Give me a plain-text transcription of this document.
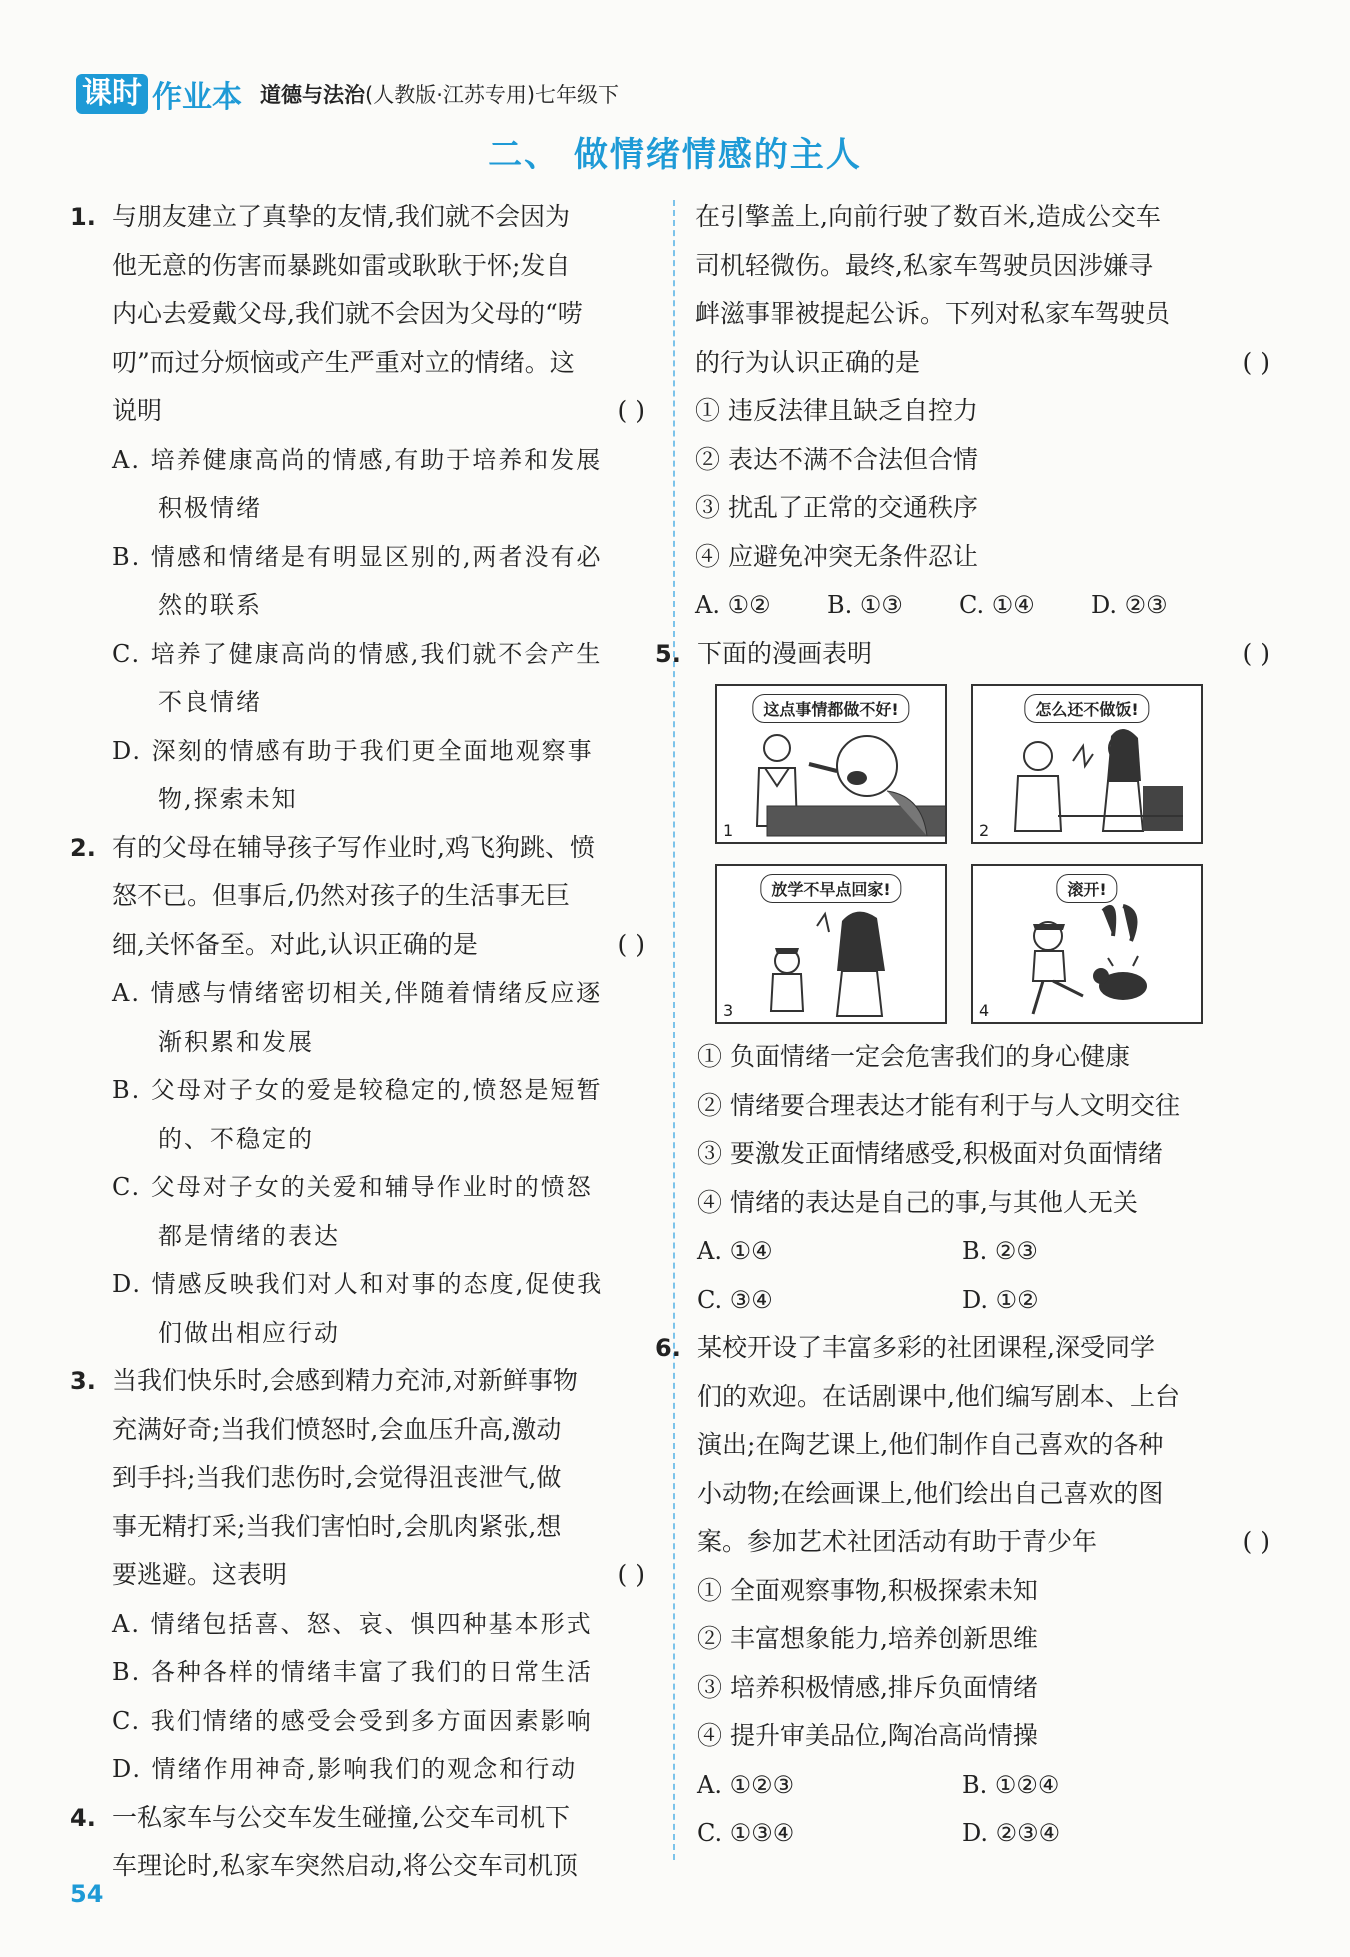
课时 作业本 道德与法治 (人教版·江苏专用)七年级下
二、 做情绪情感的主人
1. 与朋友建立了真挚的友情,我们就不会因为
他无意的伤害而暴跳如雷或耿耿于怀;发自
内心去爱戴父母,我们就不会因为父母的“唠
叨”而过分烦恼或产生严重对立的情绪。这
说明	( )
A. 培养健康高尚的情感,有助于培养和发展
积极情绪
B. 情感和情绪是有明显区别的,两者没有必
然的联系
C. 培养了健康高尚的情感,我们就不会产生
不良情绪
D. 深刻的情感有助于我们更全面地观察事
物,探索未知
2. 有的父母在辅导孩子写作业时,鸡飞狗跳、愤
怒不已。但事后,仍然对孩子的生活事无巨
细,关怀备至。对此,认识正确的是	( )
A. 情感与情绪密切相关,伴随着情绪反应逐
渐积累和发展
B. 父母对子女的爱是较稳定的,愤怒是短暂
的、不稳定的
C. 父母对子女的关爱和辅导作业时的愤怒
都是情绪的表达
D. 情感反映我们对人和对事的态度,促使我
们做出相应行动
3. 当我们快乐时,会感到精力充沛,对新鲜事物
充满好奇;当我们愤怒时,会血压升高,激动
到手抖;当我们悲伤时,会觉得沮丧泄气,做
事无精打采;当我们害怕时,会肌肉紧张,想
要逃避。这表明	( )
A. 情绪包括喜、怒、哀、惧四种基本形式
B. 各种各样的情绪丰富了我们的日常生活
C. 我们情绪的感受会受到多方面因素影响
D. 情绪作用神奇,影响我们的观念和行动
4. 一私家车与公交车发生碰撞,公交车司机下
车理论时,私家车突然启动,将公交车司机顶
在引擎盖上,向前行驶了数百米,造成公交车
司机轻微伤。最终,私家车驾驶员因涉嫌寻
衅滋事罪被提起公诉。下列对私家车驾驶员
的行为认识正确的是	( )
① 违反法律且缺乏自控力
② 表达不满不合法但合情
③ 扰乱了正常的交通秩序
④ 应避免冲突无条件忍让
A. ①② B. ①③ C. ①④ D. ②③
5. 下面的漫画表明	( )
这点事情都做不好!
1
怎么还不做饭!
2
放学不早点回家!
3
滚开!
4
① 负面情绪一定会危害我们的身心健康
② 情绪要合理表达才能有利于与人文明交往
③ 要激发正面情绪感受,积极面对负面情绪
④ 情绪的表达是自己的事,与其他人无关
A. ①④	B. ②③
C. ③④	D. ①②
6. 某校开设了丰富多彩的社团课程,深受同学
们的欢迎。在话剧课中,他们编写剧本、上台
演出;在陶艺课上,他们制作自己喜欢的各种
小动物;在绘画课上,他们绘出自己喜欢的图
案。参加艺术社团活动有助于青少年	( )
① 全面观察事物,积极探索未知
② 丰富想象能力,培养创新思维
③ 培养积极情感,排斥负面情绪
④ 提升审美品位,陶冶高尚情操
A. ①②③	B. ①②④
C. ①③④	D. ②③④
54
